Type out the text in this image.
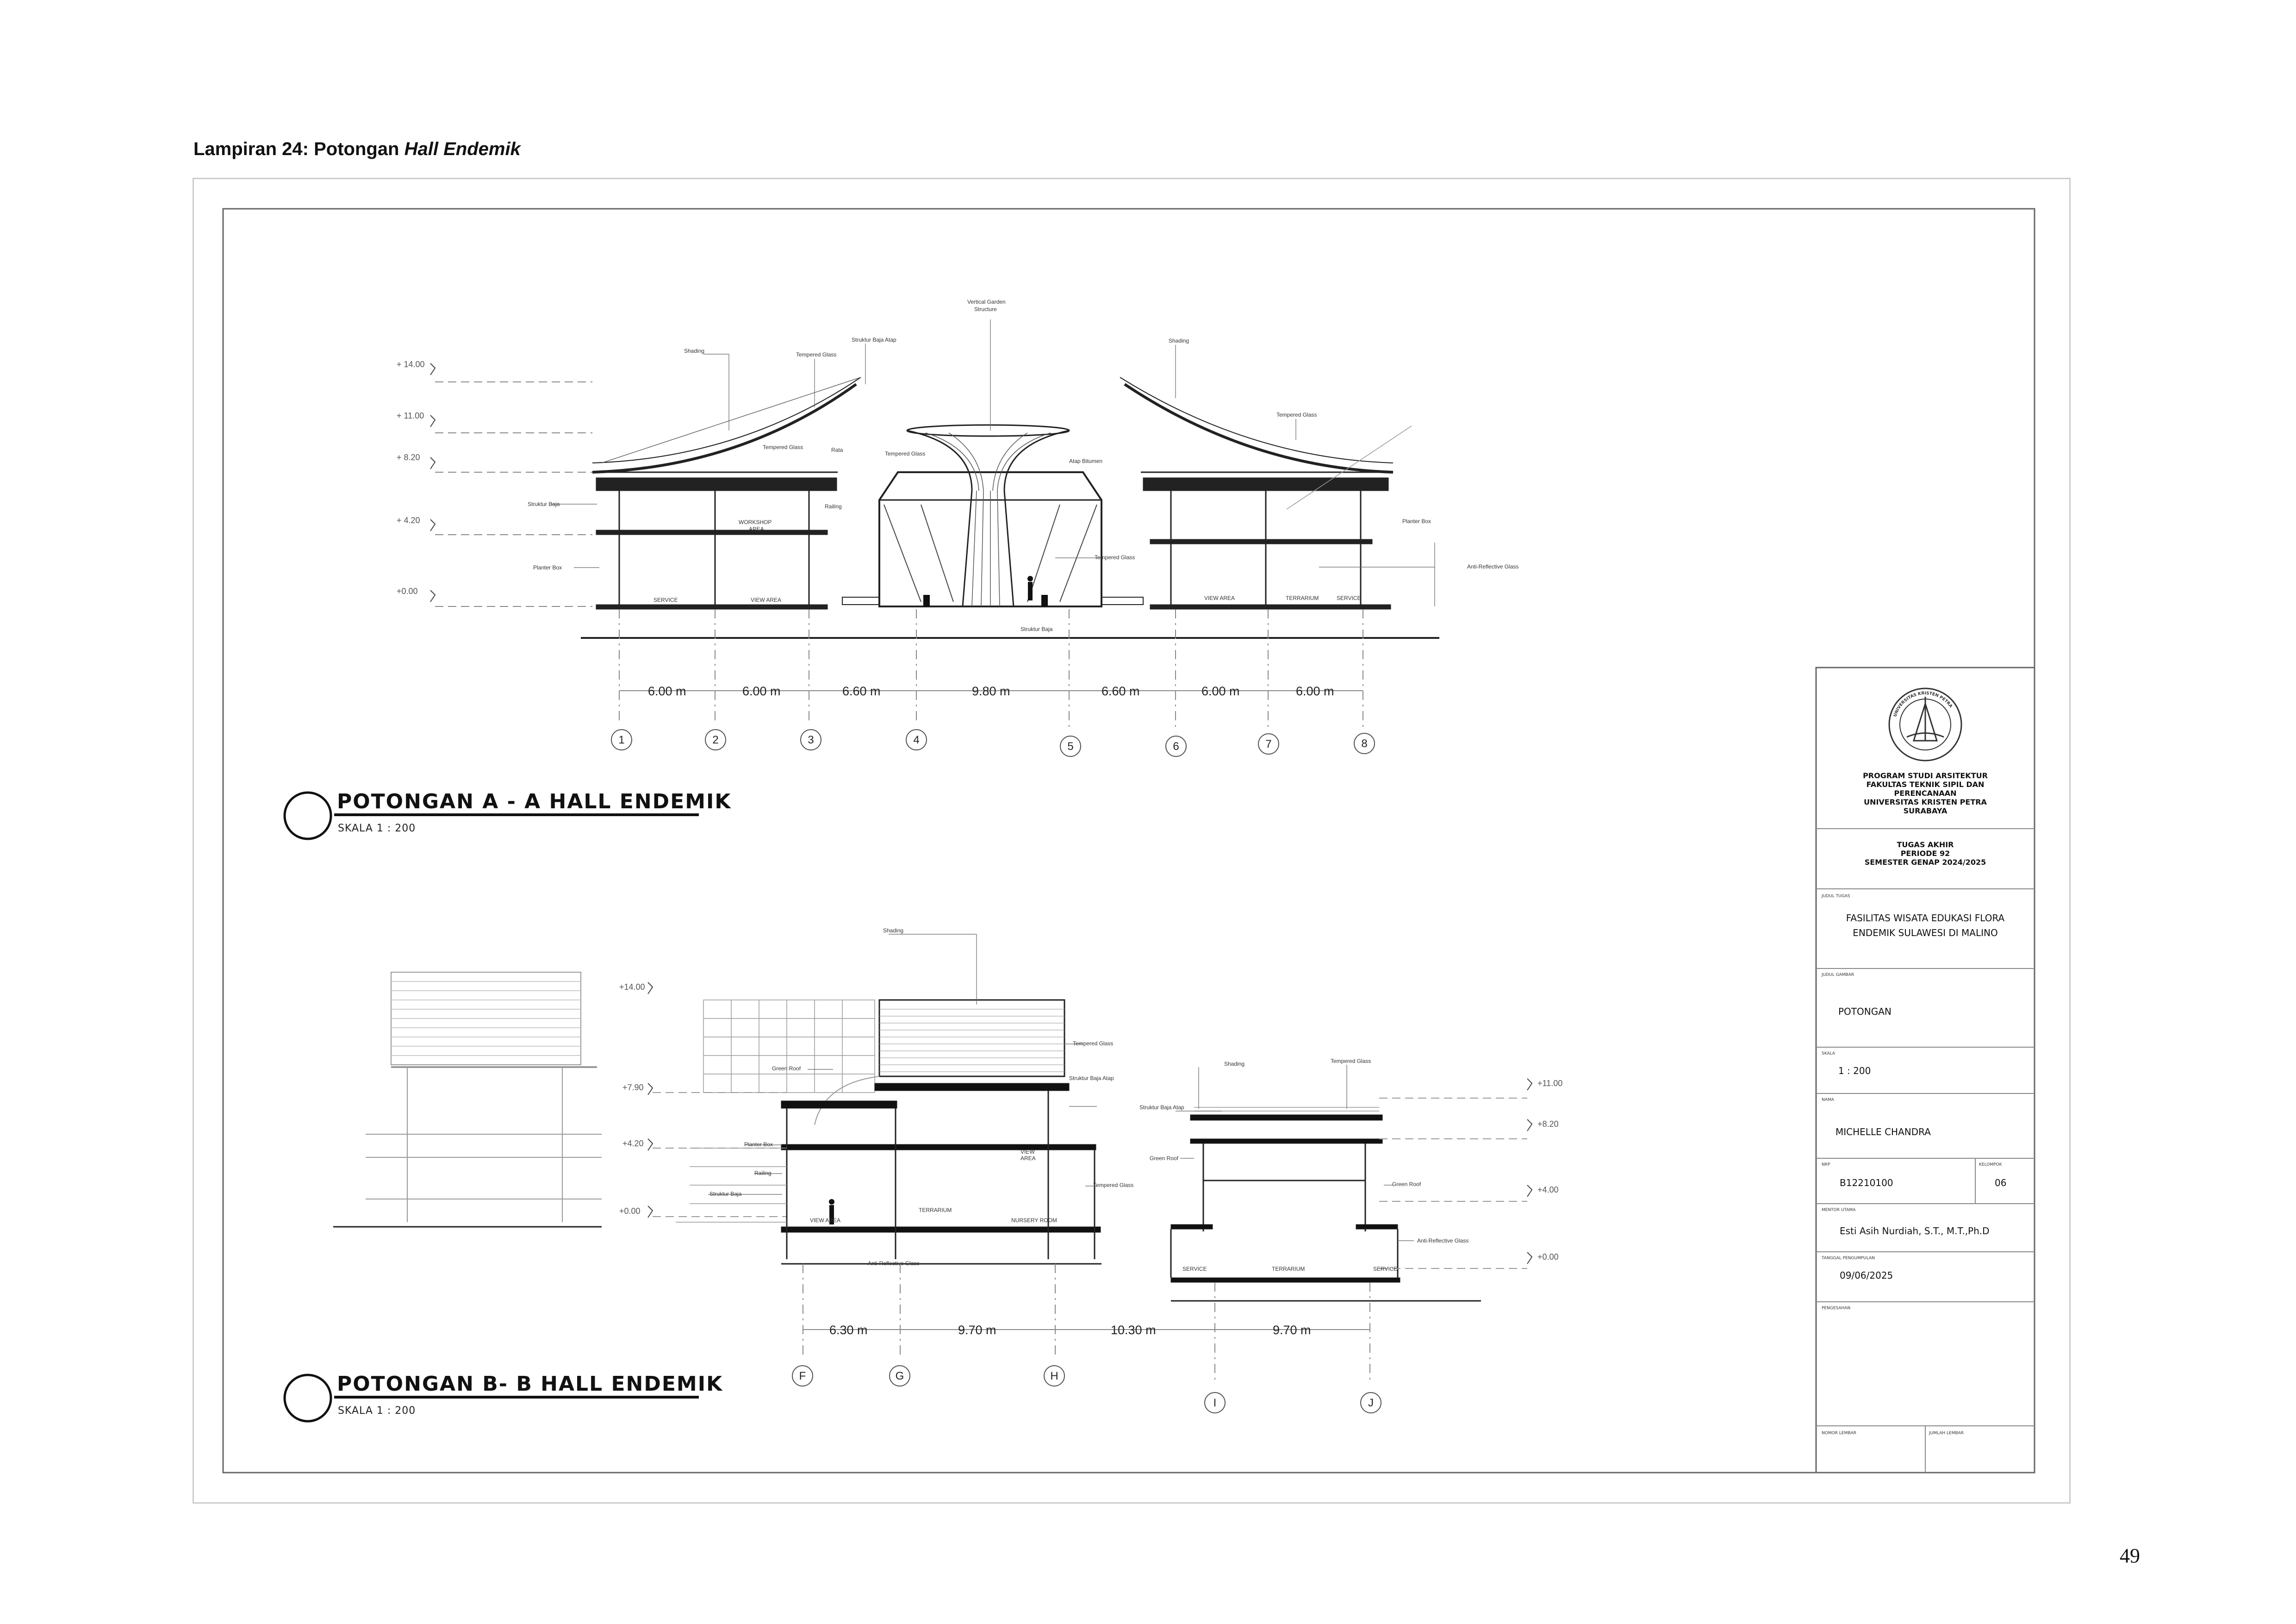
Lampiran 24: Potongan Hall Endemik
49
+ 14.00
+ 11.00
+ 8.20
+ 4.20
+0.00
Vertical Garden
Structure
Shading
Tempered Glass
Struktur Baja Atap	Shading
Tempered Glass
Tempered Glass	Rata
Tempered Glass
Atap Bitumen
Struktur Baja	Railing
WORKSHOP
AREA
Planter Box
Tempered Glass
Planter Box
Anti-Reflective Glass
SERVICE	VIEW AREA	VIEW AREA	TERRARIUM	SERVICE
Struktur Baja
6.00 m	6.00 m	6.60 m	9.80 m	6.60 m	6.00 m	6.00 m
1	2	3	4
5	6	7	8
POTONGAN A - A HALL ENDEMIK
SKALA 1 : 200
+14.00
+7.90
+4.20
+0.00
+11.00
+8.20
+4.00
+0.00
Shading
Tempered Glass
Green Roof
Struktur Baja Atap
Planter Box
Railing
Struktur Baja
Tempered Glass
VIEW AREA
TERRARIUM
NURSERY ROOM
VIEW
AREA
Anti-Reflective Glass
Shading	Tempered Glass
Struktur Baja Atap
Green Roof
Green Roof
Anti-Reflective Glass
SERVICE	TERRARIUM	SERVICE
6.30 m	9.70 m	10.30 m	9.70 m
F	G	H
I	J
POTONGAN B- B HALL ENDEMIK
SKALA 1 : 200
UNIVERSITAS KRISTEN PETRA
PROGRAM STUDI ARSITEKTUR
FAKULTAS TEKNIK SIPIL DAN
PERENCANAAN
UNIVERSITAS KRISTEN PETRA
SURABAYA
TUGAS AKHIR
PERIODE 92
SEMESTER GENAP 2024/2025
FASILITAS WISATA EDUKASI FLORA
ENDEMIK SULAWESI DI MALINO
JUDUL TUGAS
JUDUL GAMBAR
POTONGAN
SKALA
1 : 200
NAMA
MICHELLE CHANDRA
NRP
B12210100
KELOMPOK
06
MENTOR UTAMA
Esti Asih Nurdiah, S.T., M.T.,Ph.D
TANGGAL PENGUMPULAN
09/06/2025
PENGESAHAN
NOMOR LEMBAR	JUMLAH LEMBAR
